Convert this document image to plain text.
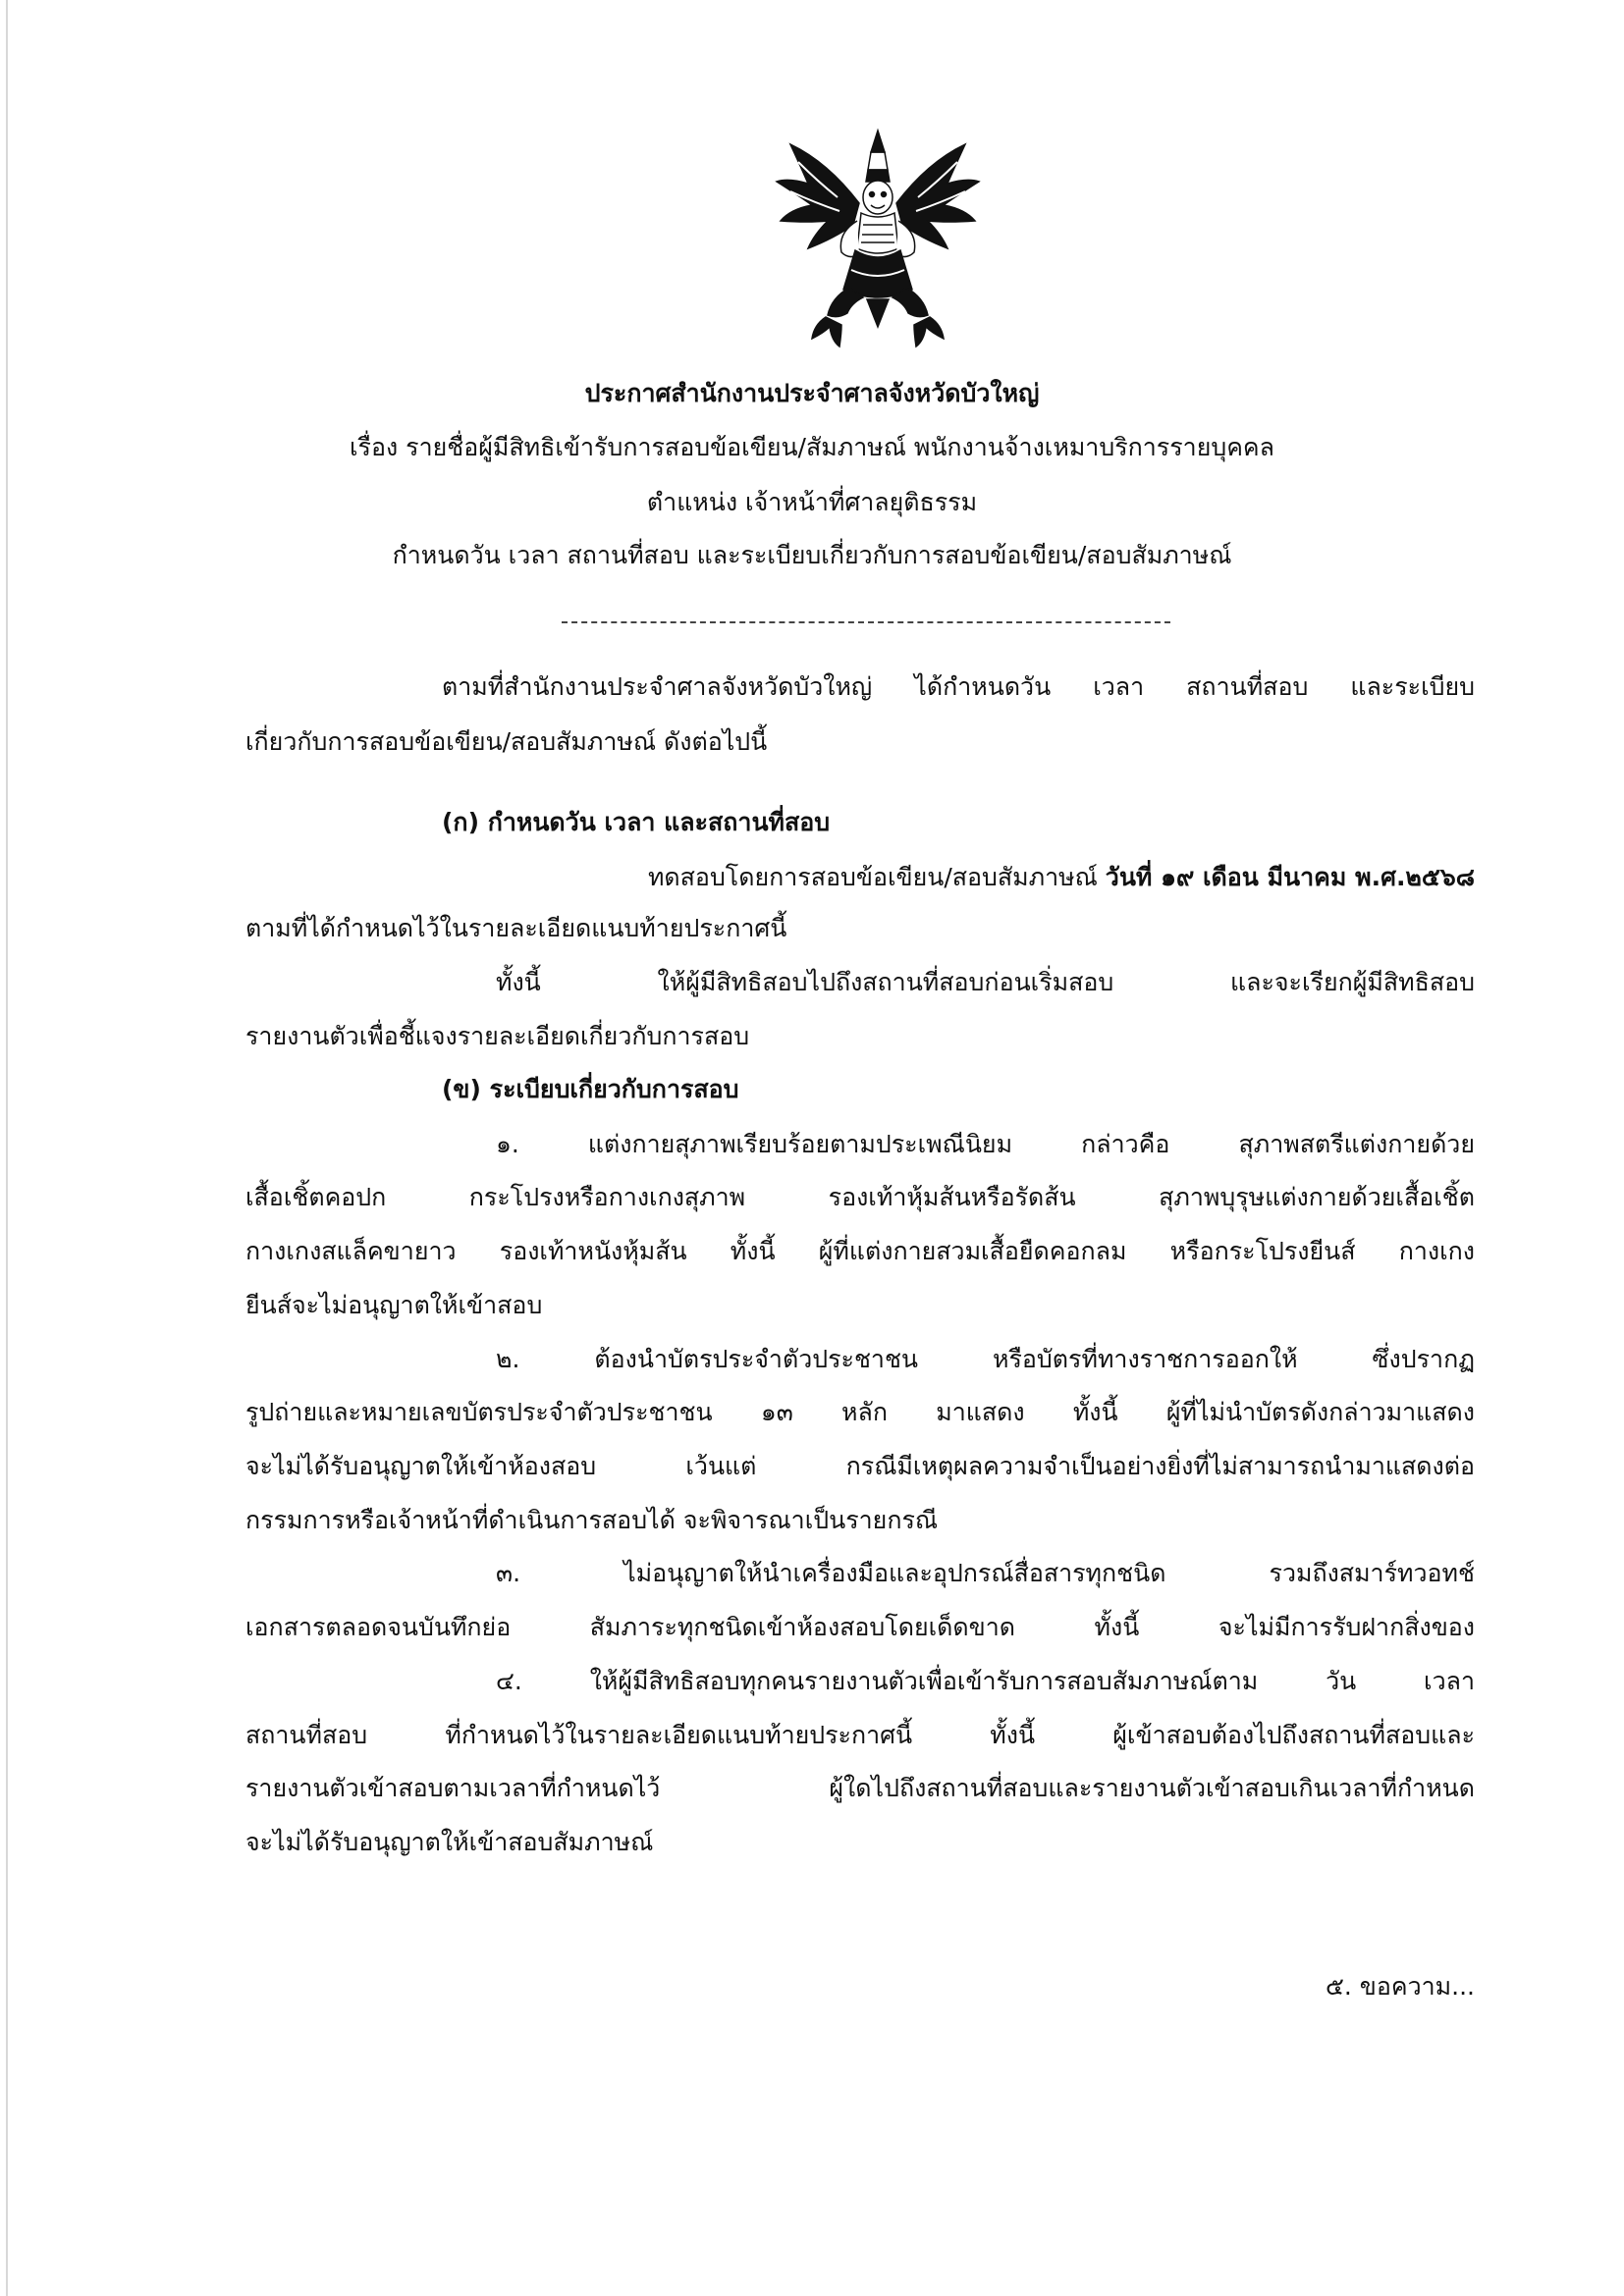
ประกาศสำนักงานประจำศาลจังหวัดบัวใหญ่
เรื่อง รายชื่อผู้มีสิทธิเข้ารับการสอบข้อเขียน/สัมภาษณ์ พนักงานจ้างเหมาบริการรายบุคคล
ตำแหน่ง เจ้าหน้าที่ศาลยุติธรรม
กำหนดวัน เวลา สถานที่สอบ และระเบียบเกี่ยวกับการสอบข้อเขียน/สอบสัมภาษณ์
ตามที่สำนักงานประจำศาลจังหวัดบัวใหญ่ ได้กำหนดวัน เวลา สถานที่สอบ และระเบียบ
เกี่ยวกับการสอบข้อเขียน/สอบสัมภาษณ์ ดังต่อไปนี้
(ก) กำหนดวัน เวลา และสถานที่สอบ
ทดสอบโดยการสอบข้อเขียน/สอบสัมภาษณ์ วันที่ ๑๙ เดือน มีนาคม พ.ศ.๒๕๖๘
ตามที่ได้กำหนดไว้ในรายละเอียดแนบท้ายประกาศนี้
ทั้งนี้ ให้ผู้มีสิทธิสอบไปถึงสถานที่สอบก่อนเริ่มสอบ และจะเรียกผู้มีสิทธิสอบ
รายงานตัวเพื่อชี้แจงรายละเอียดเกี่ยวกับการสอบ
(ข) ระเบียบเกี่ยวกับการสอบ
๑. แต่งกายสุภาพเรียบร้อยตามประเพณีนิยม กล่าวคือ สุภาพสตรีแต่งกายด้วย
เสื้อเชิ้ตคอปก กระโปรงหรือกางเกงสุภาพ รองเท้าหุ้มส้นหรือรัดส้น สุภาพบุรุษแต่งกายด้วยเสื้อเชิ้ต
กางเกงสแล็คขายาว รองเท้าหนังหุ้มส้น ทั้งนี้ ผู้ที่แต่งกายสวมเสื้อยืดคอกลม หรือกระโปรงยีนส์ กางเกง
ยีนส์จะไม่อนุญาตให้เข้าสอบ
๒. ต้องนำบัตรประจำตัวประชาชน หรือบัตรที่ทางราชการออกให้ ซึ่งปรากฏ
รูปถ่ายและหมายเลขบัตรประจำตัวประชาชน ๑๓ หลัก มาแสดง ทั้งนี้ ผู้ที่ไม่นำบัตรดังกล่าวมาแสดง
จะไม่ได้รับอนุญาตให้เข้าห้องสอบ เว้นแต่ กรณีมีเหตุผลความจำเป็นอย่างยิ่งที่ไม่สามารถนำมาแสดงต่อ
กรรมการหรือเจ้าหน้าที่ดำเนินการสอบได้ จะพิจารณาเป็นรายกรณี
๓. ไม่อนุญาตให้นำเครื่องมือและอุปกรณ์สื่อสารทุกชนิด รวมถึงสมาร์ทวอทช์
เอกสารตลอดจนบันทึกย่อ สัมภาระทุกชนิดเข้าห้องสอบโดยเด็ดขาด ทั้งนี้ จะไม่มีการรับฝากสิ่งของ
๔. ให้ผู้มีสิทธิสอบทุกคนรายงานตัวเพื่อเข้ารับการสอบสัมภาษณ์ตาม วัน เวลา
สถานที่สอบ ที่กำหนดไว้ในรายละเอียดแนบท้ายประกาศนี้ ทั้งนี้ ผู้เข้าสอบต้องไปถึงสถานที่สอบและ
รายงานตัวเข้าสอบตามเวลาที่กำหนดไว้ ผู้ใดไปถึงสถานที่สอบและรายงานตัวเข้าสอบเกินเวลาที่กำหนด
จะไม่ได้รับอนุญาตให้เข้าสอบสัมภาษณ์
๕. ขอความ...
